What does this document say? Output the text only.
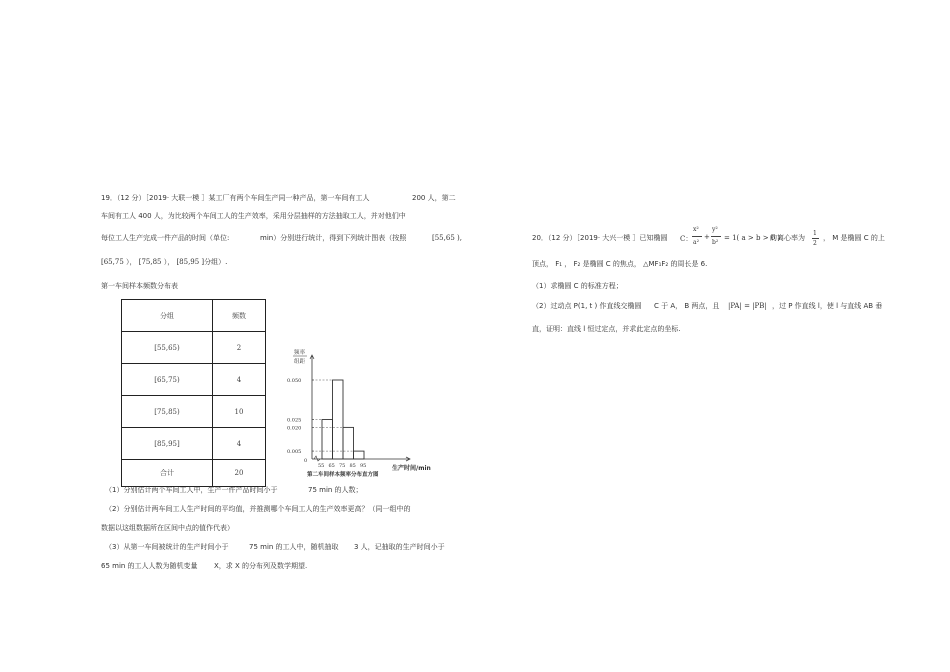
19．（12 分）［2019· 大联一模 ］某工厂有两个车间生产同一种产品，第一车间有工人	200 人，第二
车间有工人 400 人，为比较两个车间工人的生产效率，采用分层抽样的方法抽取工人，并对他们中
每位工人生产完成一件产品的时间（单位:	min）分别进行统计，得到下列统计图表（按照	[55,65 ),
[65,75 ）， [75,85 ）， [85,95 ]分组）.
第一车间样本频数分布表
分组	频数
[55,65)	2
[65,75)	4
[75,85)	10
[85,95]	4
合计	20
频率
组距
0.050
0.025
0.020
0.005
0
55 65 75 85 95	生产时间/min
第二车间样本频率分布直方图
（1）分别估计两个车间工人中，生产一件产品时间小于	75 min 的人数；
（2）分别估计两车间工人生产时间的平均值，并推测哪个车间工人的生产效率更高？（同一组中的
数据以这组数据所在区间中点的值作代表）
（3）从第一车间被统计的生产时间小于	75 min 的工人中，随机抽取 3 人，记抽取的生产时间小于
65 min 的工人人数为随机变量 X，求 X 的分布列及数学期望.
20．（12 分）［2019· 大兴一模 ］已知椭圆 C：
x²
a²
+
y²
b²
= 1( a > b > 0 )
的离心率为
1
2
， M 是椭圆 C 的上
顶点， F₁ ， F₂ 是椭圆 C 的焦点， △MF₁F₂ 的周长是 6.
（1）求椭圆 C 的标准方程；
（2）过动点 P(1, t ) 作直线交椭圆 C 于 A， B 两点，且 |PA| = |PB| ，过 P 作直线 l，使 l 与直线 AB 垂
直，证明：直线 l 恒过定点，并求此定点的坐标.
